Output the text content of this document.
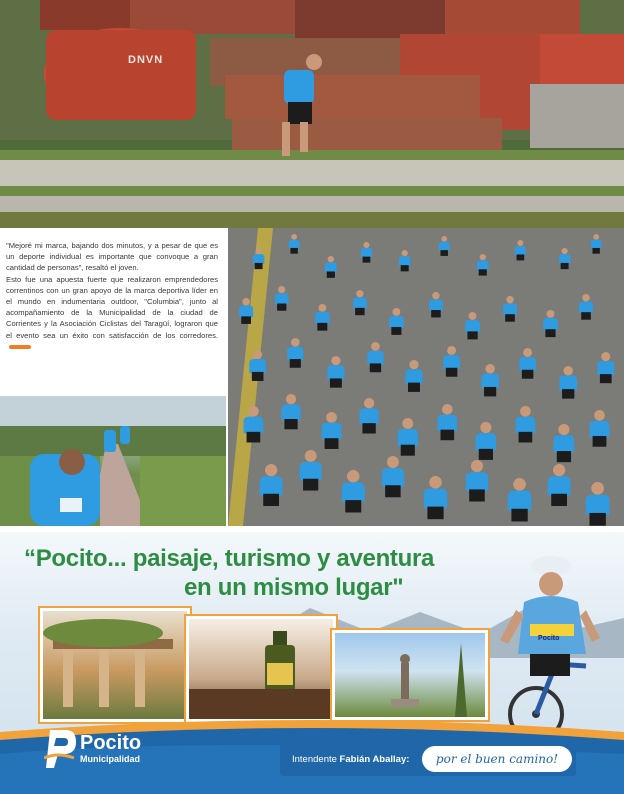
DNVN

"Mejoré mi marca, bajando dos minutos, y a pesar de que es un deporte individual es importante que convoque a gran cantidad de personas", resaltó el joven.

Esto fue una apuesta fuerte que realizaron emprendedores correntinos con un gran apoyo de la marca deportiva líder en el mundo en indumentaria outdoor, "Columbia", junto al acompañamiento de la Municipalidad de la ciudad de Corrientes y la Asociación Ciclistas del Taragüí, lograron que el evento sea un éxito con satisfacción de los corredores.

“Pocito... paisaje, turismo y aventura
en un mismo lugar"
Pocito
Pocito
Municipalidad	Intendente Fabián Aballay:	por el buen camino!
